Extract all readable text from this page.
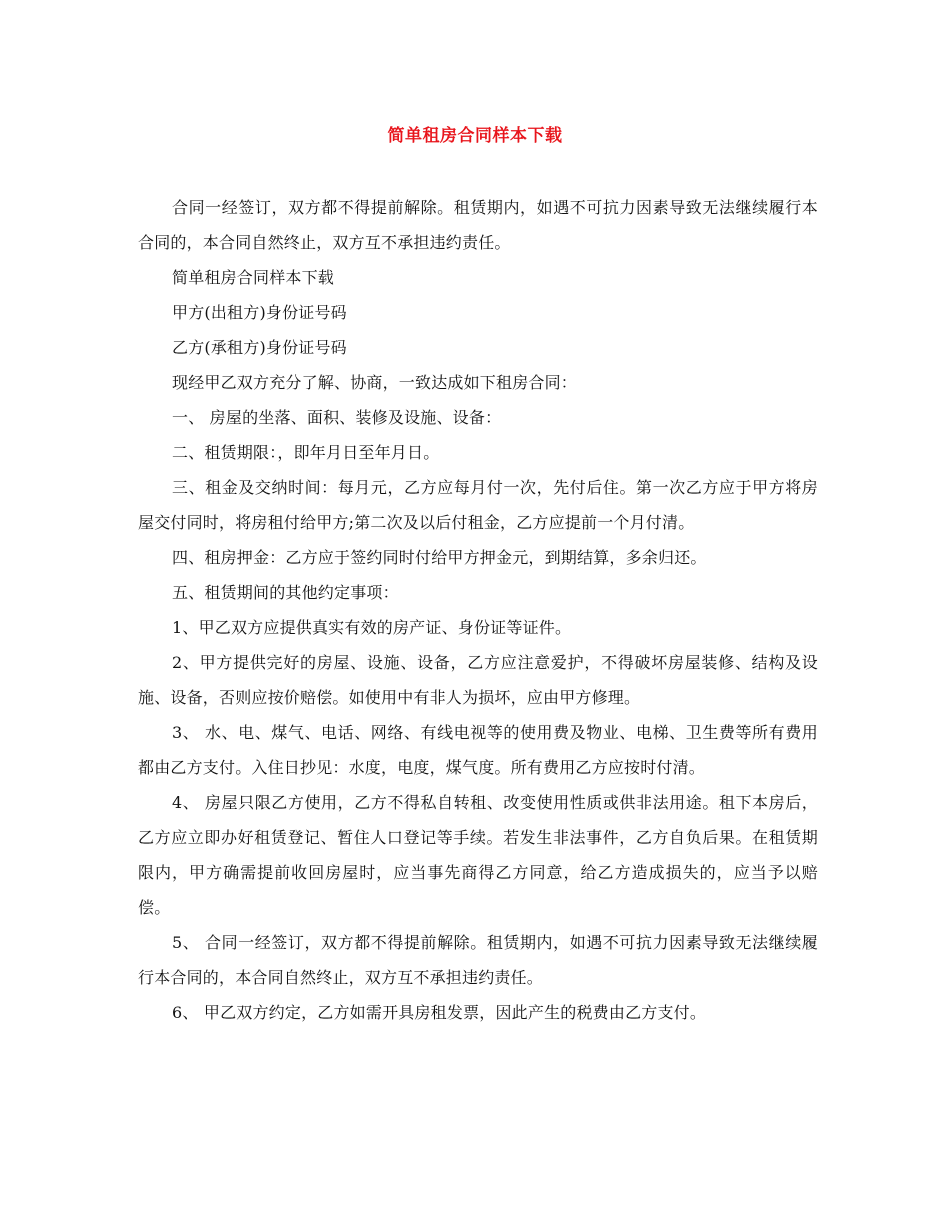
简单租房合同样本下载

合同一经签订，双方都不得提前解除。租赁期内，如遇不可抗力因素导致无法继续履行本合同的，本合同自然终止，双方互不承担违约责任。

简单租房合同样本下载

甲方(出租方)身份证号码

乙方(承租方)身份证号码

现经甲乙双方充分了解、协商，一致达成如下租房合同：

一、 房屋的坐落、面积、装修及设施、设备：

二、租赁期限：，即年月日至年月日。

三、租金及交纳时间：每月元，乙方应每月付一次，先付后住。第一次乙方应于甲方将房屋交付同时，将房租付给甲方;第二次及以后付租金，乙方应提前一个月付清。

四、租房押金：乙方应于签约同时付给甲方押金元，到期结算，多余归还。

五、租赁期间的其他约定事项：

1、甲乙双方应提供真实有效的房产证、身份证等证件。

2、甲方提供完好的房屋、设施、设备，乙方应注意爱护，不得破坏房屋装修、结构及设施、设备，否则应按价赔偿。如使用中有非人为损坏，应由甲方修理。

3、 水、电、煤气、电话、网络、有线电视等的使用费及物业、电梯、卫生费等所有费用都由乙方支付。入住日抄见：水度，电度，煤气度。所有费用乙方应按时付清。

4、 房屋只限乙方使用，乙方不得私自转租、改变使用性质或供非法用途。租下本房后，乙方应立即办好租赁登记、暂住人口登记等手续。若发生非法事件，乙方自负后果。在租赁期限内，甲方确需提前收回房屋时，应当事先商得乙方同意，给乙方造成损失的，应当予以赔偿。

5、 合同一经签订，双方都不得提前解除。租赁期内，如遇不可抗力因素导致无法继续履行本合同的，本合同自然终止，双方互不承担违约责任。

6、 甲乙双方约定，乙方如需开具房租发票，因此产生的税费由乙方支付。
